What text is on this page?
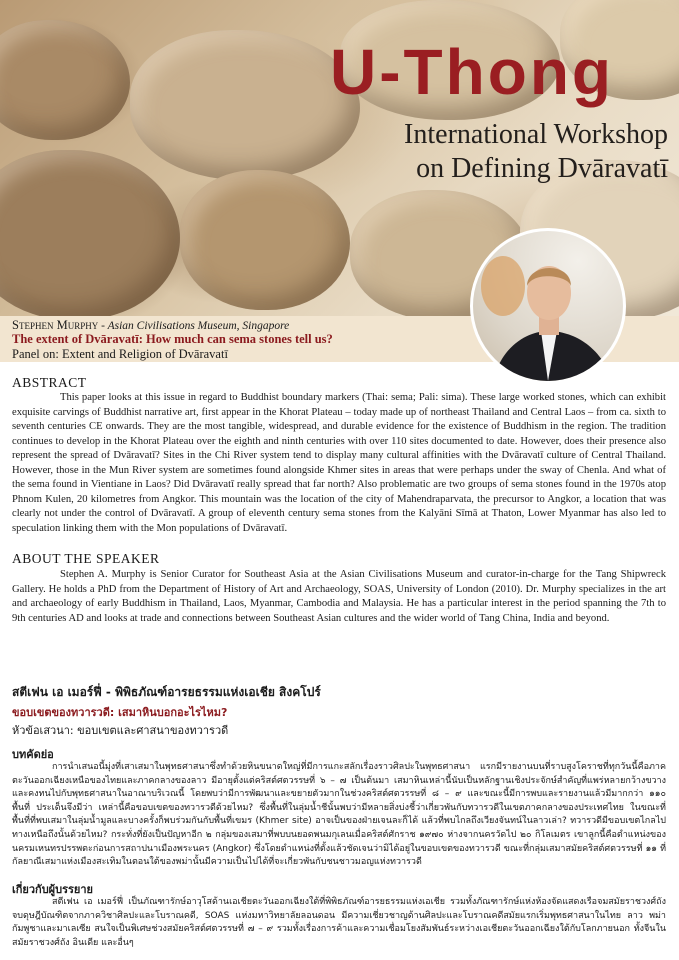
U-Thong
International Workshop
on Defining Dvāravatī
Stephen Murphy - Asian Civilisations Museum, Singapore
The extent of Dvāravatī: How much can sema stones tell us?
Panel on: Extent and Religion of Dvāravatī
ABSTRACT

This paper looks at this issue in regard to Buddhist boundary markers (Thai: sema; Pali: sima). These large worked stones, which can exhibit exquisite carvings of Buddhist narrative art, first appear in the Khorat Plateau – today made up of northeast Thailand and Central Laos – from ca. sixth to seventh centuries CE onwards. They are the most tangible, widespread, and durable evidence for the existence of Buddhism in the region. The tradition continues to develop in the Khorat Plateau over the eighth and ninth centuries with over 110 sites documented to date. However, does their presence also represent the spread of Dvāravatī? Sites in the Chi River system tend to display many cultural affinities with the Dvāravatī culture of Central Thailand. However, those in the Mun River system are sometimes found alongside Khmer sites in areas that were perhaps under the sway of Chenla. And what of the sema found in Vientiane in Laos? Did Dvāravatī really spread that far north? Also problematic are two groups of sema stones found in the 1970s atop Phnom Kulen, 20 kilometres from Angkor. This mountain was the location of the city of Mahendraparvata, the precursor to Angkor, a location that was clearly not under the control of Dvāravatī. A group of eleventh century sema stones from the Kalyāni Sīmā at Thaton, Lower Myanmar has also led to speculation linking them with the Mon populations of Dvāravatī.

ABOUT THE SPEAKER

Stephen A. Murphy is Senior Curator for Southeast Asia at the Asian Civilisations Museum and curator-in-charge for the Tang Shipwreck Gallery. He holds a PhD from the Department of History of Art and Archaeology, SOAS, University of London (2010). Dr. Murphy specializes in the art and archaeology of early Buddhism in Thailand, Laos, Myanmar, Cambodia and Malaysia. He has a particular interest in the period spanning the 7th to 9th centuries AD and looks at trade and connections between Southeast Asian cultures and the wider world of Tang China, India and beyond.

สตีเฟน เอ เมอร์ฟี่ - พิพิธภัณฑ์อารยธรรมแห่งเอเชีย สิงคโปร์
ขอบเขตของทวารวดี: เสมาหินบอกอะไรไหม?
หัวข้อเสวนา: ขอบเขตและศาสนาของทวารวดี
บทคัดย่อ

การนำเสนอนี้มุ่งที่เสาเสมาในพุทธศาสนาซึ่งทำด้วยหินขนาดใหญ่ที่มีการแกะสลักเรื่องราวศิลปะในพุทธศาสนา แรกมีรายงานบนที่ราบสูงโคราชที่ทุกวันนี้คือภาคตะวันออกเฉียงเหนือของไทยและภาคกลางของลาว มีอายุตั้งแต่คริสต์ศตวรรษที่ ๖ – ๗ เป็นต้นมา เสมาหินเหล่านี้นับเป็นหลักฐานเชิงประจักษ์สำคัญที่แพร่หลายกว้างขวางและคงทนไปกับพุทธศาสนาในอาณาบริเวณนี้ โดยพบว่ามีการพัฒนาและขยายตัวมากในช่วงคริสต์ศตวรรษที่ ๘ – ๙ และขณะนี้มีการพบและรายงานแล้วมีมากกว่า ๑๑๐ พื้นที่ ประเด็นจึงมีว่า เหล่านี้คือขอบเขตของทวารวดีด้วยไหม? ซึ่งพื้นที่ในลุ่มน้ำชีนั้นพบว่ามีหลายสิ่งบ่งชี้ว่าเกี่ยวพันกับทวารวดีในเขตภาคกลางของประเทศไทย ในขณะที่พื้นที่ที่พบเสมาในลุ่มน้ำมูลและบางครั้งก็พบร่วมกันกับพื้นที่เขมร (Khmer site) อาจเป็นของฝ่ายเจนละก็ได้ แล้วที่พบไกลถึงเวียงจันทน์ในลาวเล่า? ทวารวดีมีขอบเขตไกลไปทางเหนือถึงนั้นด้วยไหม? กระทั่งที่ยังเป็นปัญหาอีก ๒ กลุ่มของเสมาที่พบบนยอดพนมกุเลนเมื่อคริสต์ศักราช ๑๙๗๐ ห่างจากนครวัดไป ๒๐ กิโลเมตร เขาลูกนี้คือตำแหน่งของนครมเหนทรปรรพตะก่อนการสถาปนาเมืองพระนคร (Angkor) ซึ่งโดยตำแหน่งที่ตั้งแล้วชัดเจนว่ามิได้อยู่ในขอบเขตของทวารวดี ขณะที่กลุ่มเสมาสมัยคริสต์ศตวรรษที่ ๑๑ ที่กัลยาณีเสมาแห่งเมืองสะเทิมในตอนใต้ของพม่านั้นมีความเป็นไปได้ที่จะเกี่ยวพันกับชนชาวมอญแห่งทวารวดี

เกี่ยวกับผู้บรรยาย

สตีเฟน เอ เมอร์ฟี่ เป็นภัณฑารักษ์อาวุโสด้านเอเชียตะวันออกเฉียงใต้ที่พิพิธภัณฑ์อารยธรรมแห่งเอเชีย รวมทั้งภัณฑารักษ์แห่งห้องจัดแสดงเรือจมสมัยราชวงศ์ถัง จบดุษฎีบัณฑิตจากภาควิชาศิลปะและโบราณคดี, SOAS แห่งมหาวิทยาลัยลอนดอน มีความเชี่ยวชาญด้านศิลปะและโบราณคดีสมัยแรกเริ่มพุทธศาสนาในไทย ลาว พม่า กัมพูชาและมาเลเซีย สนใจเป็นพิเศษช่วงสมัยคริสต์ศตวรรษที่ ๗ – ๙ รวมทั้งเรื่องการค้าและความเชื่อมโยงสัมพันธ์ระหว่างเอเชียตะวันออกเฉียงใต้กับโลกภายนอก ทั้งจีนในสมัยราชวงศ์ถัง อินเดีย และอื่นๆ
